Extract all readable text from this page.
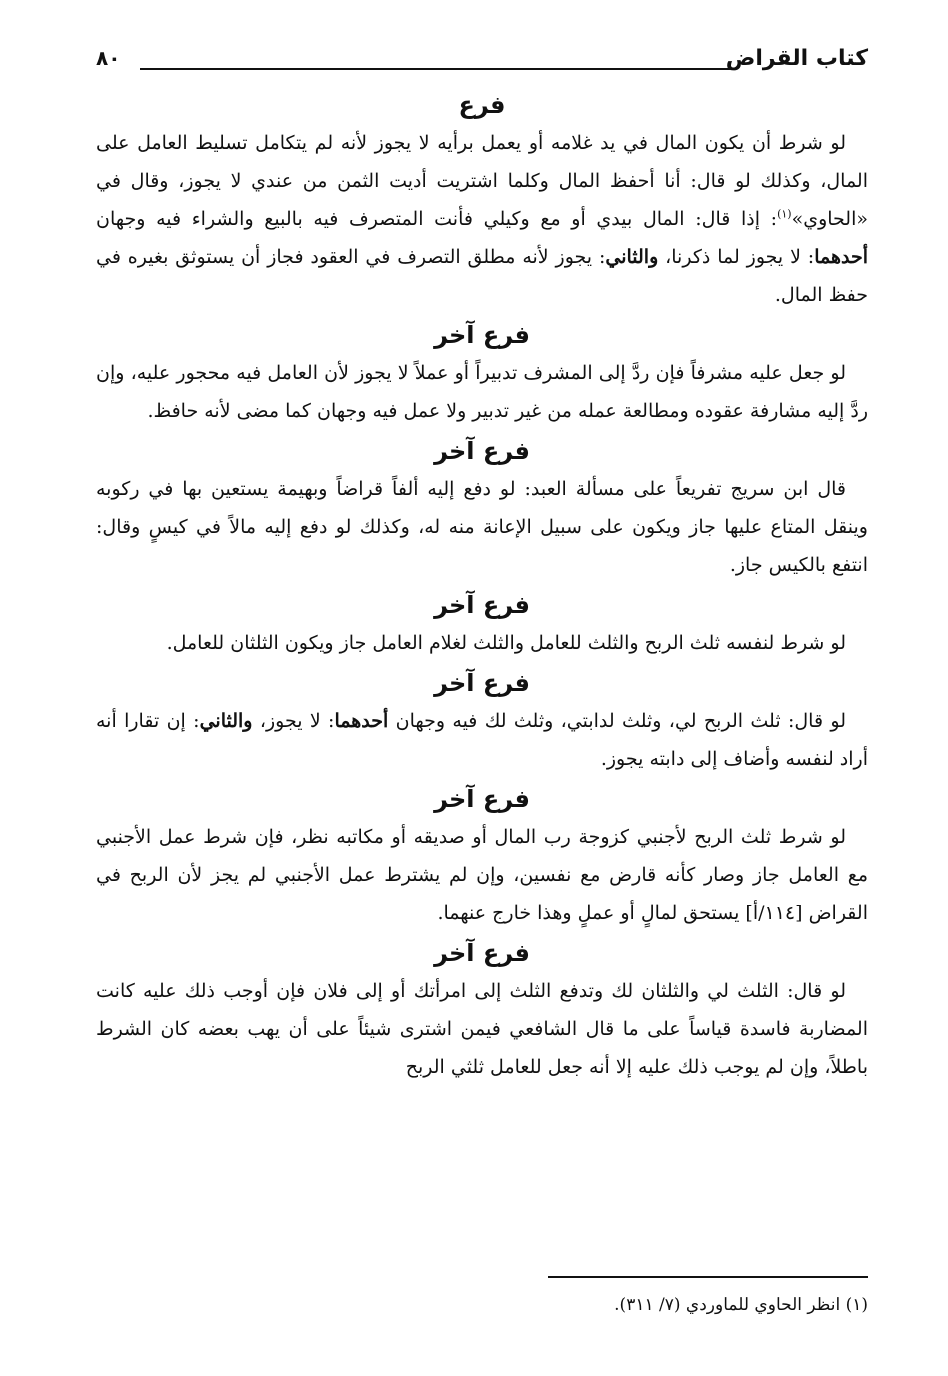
كتاب القراض
٨٠
فرع

لو شرط أن يكون المال في يد غلامه أو يعمل برأيه لا يجوز لأنه لم يتكامل تسليط العامل على المال، وكذلك لو قال: أنا أحفظ المال وكلما اشتريت أديت الثمن من عندي لا يجوز، وقال في «الحاوي»$^{(١)}$: إذا قال: المال بيدي أو مع وكيلي فأنت المتصرف فيه بالبيع والشراء فيه وجهان أحدهما: لا يجوز لما ذكرنا، والثاني: يجوز لأنه مطلق التصرف في العقود فجاز أن يستوثق بغيره في حفظ المال.

فرع آخر

لو جعل عليه مشرفاً فإن ردَّ إلى المشرف تدبيراً أو عملاً لا يجوز لأن العامل فيه محجور عليه، وإن ردَّ إليه مشارفة عقوده ومطالعة عمله من غير تدبير ولا عمل فيه وجهان كما مضى لأنه حافظ.

فرع آخر

قال ابن سريج تفريعاً على مسألة العبد: لو دفع إليه ألفاً قراضاً وبهيمة يستعين بها في ركوبه وينقل المتاع عليها جاز ويكون على سبيل الإعانة منه له، وكذلك لو دفع إليه مالاً في كيسٍ وقال: انتفع بالكيس جاز.

فرع آخر

لو شرط لنفسه ثلث الربح والثلث للعامل والثلث لغلام العامل جاز ويكون الثلثان للعامل.

فرع آخر

لو قال: ثلث الربح لي، وثلث لدابتي، وثلث لك فيه وجهان أحدهما: لا يجوز، والثاني: إن تقارا أنه أراد لنفسه وأضاف إلى دابته يجوز.

فرع آخر

لو شرط ثلث الربح لأجنبي كزوجة رب المال أو صديقه أو مكاتبه نظر، فإن شرط عمل الأجنبي مع العامل جاز وصار كأنه قارض مع نفسين، وإن لم يشترط عمل الأجنبي لم يجز لأن الربح في القراض [١١٤/أ] يستحق لمالٍ أو عملٍ وهذا خارج عنهما.

فرع آخر

لو قال: الثلث لي والثلثان لك وتدفع الثلث إلى امرأتك أو إلى فلان فإن أوجب ذلك عليه كانت المضاربة فاسدة قياساً على ما قال الشافعي فيمن اشترى شيئاً على أن يهب بعضه كان الشرط باطلاً، وإن لم يوجب ذلك عليه إلا أنه جعل للعامل ثلثي الربح

(١) انظر الحاوي للماوردي (٧/ ٣١١).
